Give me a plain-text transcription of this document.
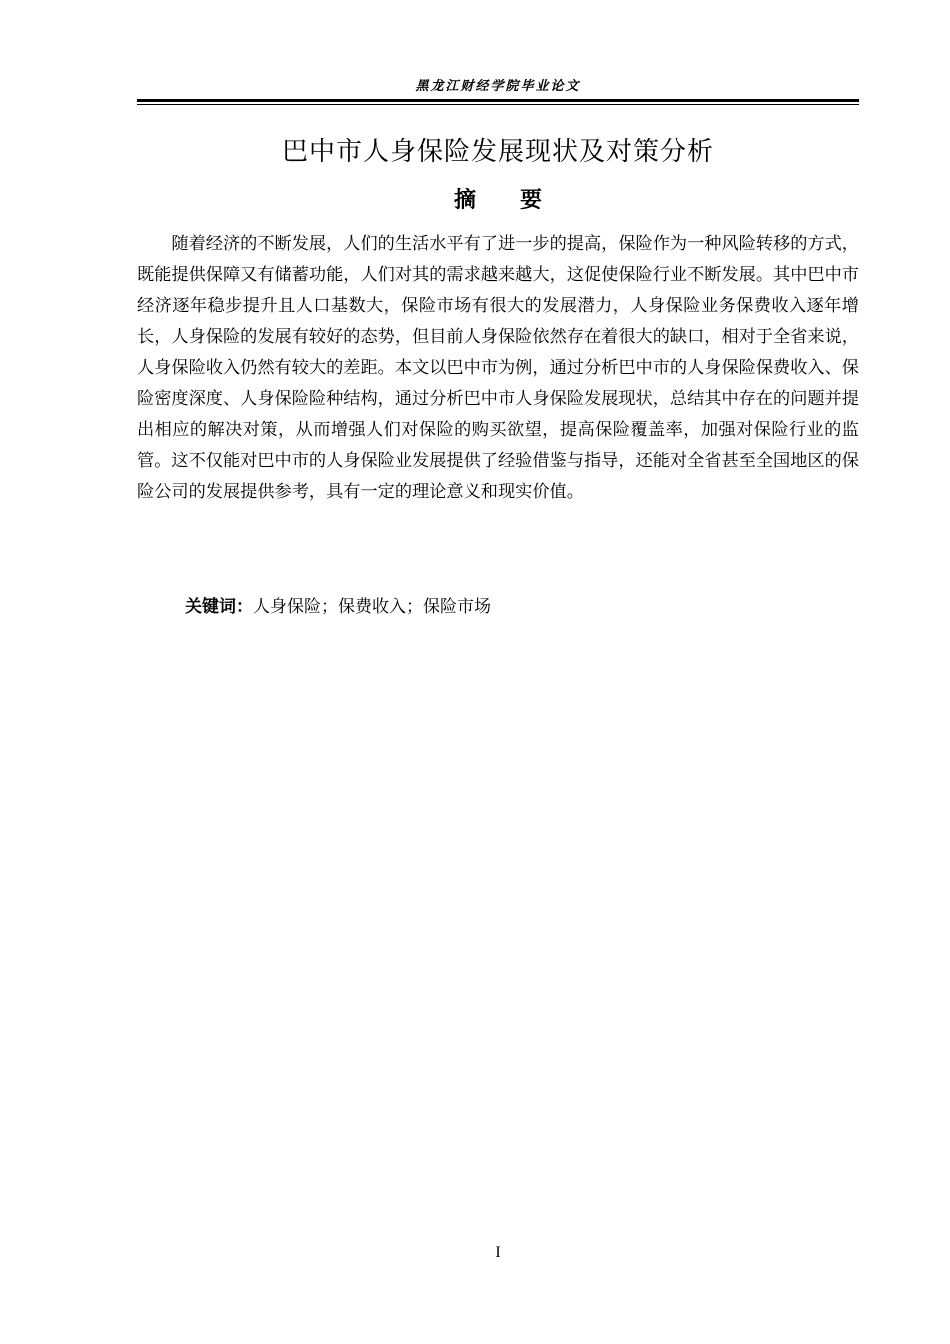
黑龙江财经学院毕业论文
巴中市人身保险发展现状及对策分析
摘 要

随着经济的不断发展，人们的生活水平有了进一步的提高，保险作为一种风险转移的方式，既能提供保障又有储蓄功能，人们对其的需求越来越大，这促使保险行业不断发展。其中巴中市经济逐年稳步提升且人口基数大，保险市场有很大的发展潜力，人身保险业务保费收入逐年增长，人身保险的发展有较好的态势，但目前人身保险依然存在着很大的缺口，相对于全省来说，人身保险收入仍然有较大的差距。本文以巴中市为例，通过分析巴中市的人身保险保费收入、保险密度深度、人身保险险种结构，通过分析巴中市人身保险发展现状，总结其中存在的问题并提出相应的解决对策，从而增强人们对保险的购买欲望，提高保险覆盖率，加强对保险行业的监管。这不仅能对巴中市的人身保险业发展提供了经验借鉴与指导，还能对全省甚至全国地区的保险公司的发展提供参考，具有一定的理论意义和现实价值。

关键词：人身保险；保费收入；保险市场
I
